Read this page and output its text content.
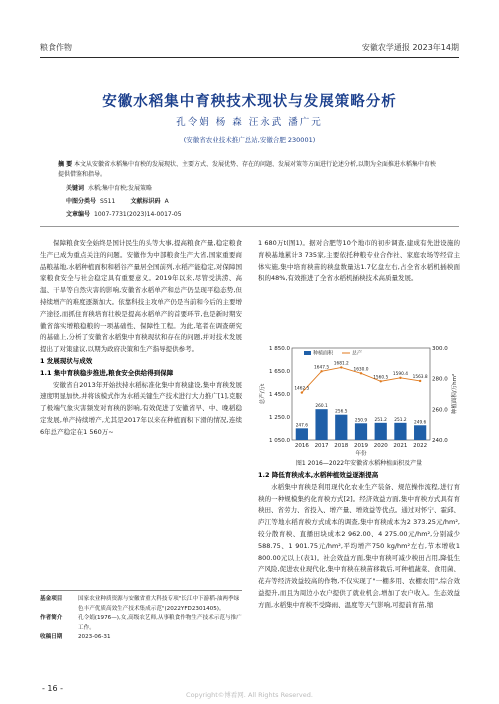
粮食作物	安徽农学通报 2023年14期
安徽水稻集中育秧技术现状与发展策略分析
孔令娟 杨 森 汪永武 潘广元
(安徽省农业技术推广总站,安徽合肥 230001)
摘 要 本文从安徽省水稻集中育秧的发展现状、主要方式、发展优势、存在的问题、发展对策等方面进行论述分析,以期为全面推进水稻集中育秧提供借鉴和指导。
关键词 水稻;集中育秧;发展策略
中图分类号 S511	文献标识码 A
文章编号 1007-7731(2023)14-0017-05

保障粮食安全始终是国计民生的头等大事,提高粮食产量,稳定粮食生产已成为重点关注的问题。安徽作为中部粮食生产大省,国家重要商品粮基地,水稻种植面积和稻谷产量居全国前列,水稻产能稳定,对保障国家粮食安全与社会稳定具有重要意义。2019年以来,尽管受洪涝、高温、干旱等自然灾害的影响,安徽省水稻单产和总产仍呈现平稳态势,但持续增产的难度逐渐加大。依靠科技主攻单产仍是当前和今后的主要增产途径,而抓住育秧培育壮秧是提高水稻单产的首要环节,也是新时期安徽省落实增粮稳粮的一项基础性、保障性工程。为此,笔者在调查研究的基础上,分析了安徽省水稻集中育秧现状和存在的问题,并对技术发展提出了对策建议,以期为政府决策和生产指导提供参考。

1 发展现状与成效

1.1 集中育秧稳步推进,粮食安全供给得到保障

安徽省自2013年开始扶持水稻标准化集中育秧建设,集中育秧发展速度明显加快,并将该模式作为水稻关键生产技术进行大力推广[1],克服了极端气象灾害频发对育秧的影响,有效促进了安徽省早、中、晚稻稳定发展,单产持续增产,尤其是2017年以来在种植面积下滑的情况,连续6年总产稳定在1 560万~

1 680万t(图1)。据对合肥等10个地市的初步调查,建成有先进设施的育秧基地累计3 735家,主要依托种粮专业合作社、家庭农场等经营主体实施,集中培育秧苗的秧盘数量达1.7亿盘左右,占全省水稻机插秧面积的48%,有效推进了全省水稻机插秧技术高质量发展。

1 850.0
1 650.0
1 450.0
1 250.0
1 050.0
300.0
280.0
260.0
240.0
247.6
2016
260.1
2017
256.5
2018
250.9
2019
251.2
2020
251.2
2021
249.6
2022
1462.5
1647.5
1681.2
1630.0
1560.5
1590.4
1563.8
年份
总产/万t	种植面积/万hm²
种植面积	总产
图1 2016—2022年安徽省水稻种植面积及产量

1.2 降低育秧成本,水稻种植效益逐渐提高

水稻集中育秧是利用现代化农业生产装备、规范操作流程,进行育秧的一种规模集约化育秧方式[2]。经济效益方面,集中育秧方式具有育秧田、省劳力、省投入、增产量、增效益等优点。通过对怀宁、霍邱、庐江等地水稻育秧方式成本的调查,集中育秧成本为2 373.25元/hm²,较分散育秧、直播田块成本2 962.00、4 275.00元/hm²,分别减少588.75、1 901.75元/hm²,平均增产750 kg/hm²左右,节本增收1 800.00元以上(表1)。社会效益方面,集中育秧可减少秧田占用,降低生产风险,促进农业现代化,集中育秧在秧苗移栽后,可种植蔬菜、食用菌、花卉等经济效益较高的作物,不仅实现了"一棚多用、农棚农用",综合效益提升,而且为周边小农户提供了就业机会,增加了农户收入。生态效益方面,水稻集中育秧不受降雨、温度等天气影响,可提前育苗,缩

基金项目	国家农业种质资源与安徽省重大科技专项"长江中下游稻-油两季绿色丰产优质高效生产技术集成示范"(2022YFD2301405)。
作者简介	孔令娟(1976—),女,高级农艺师,从事粮食作物生产技术示范与推广工作。
收稿日期	2023-06-31
- 16 -
Copyright©博看网. All Rights Reserved.
